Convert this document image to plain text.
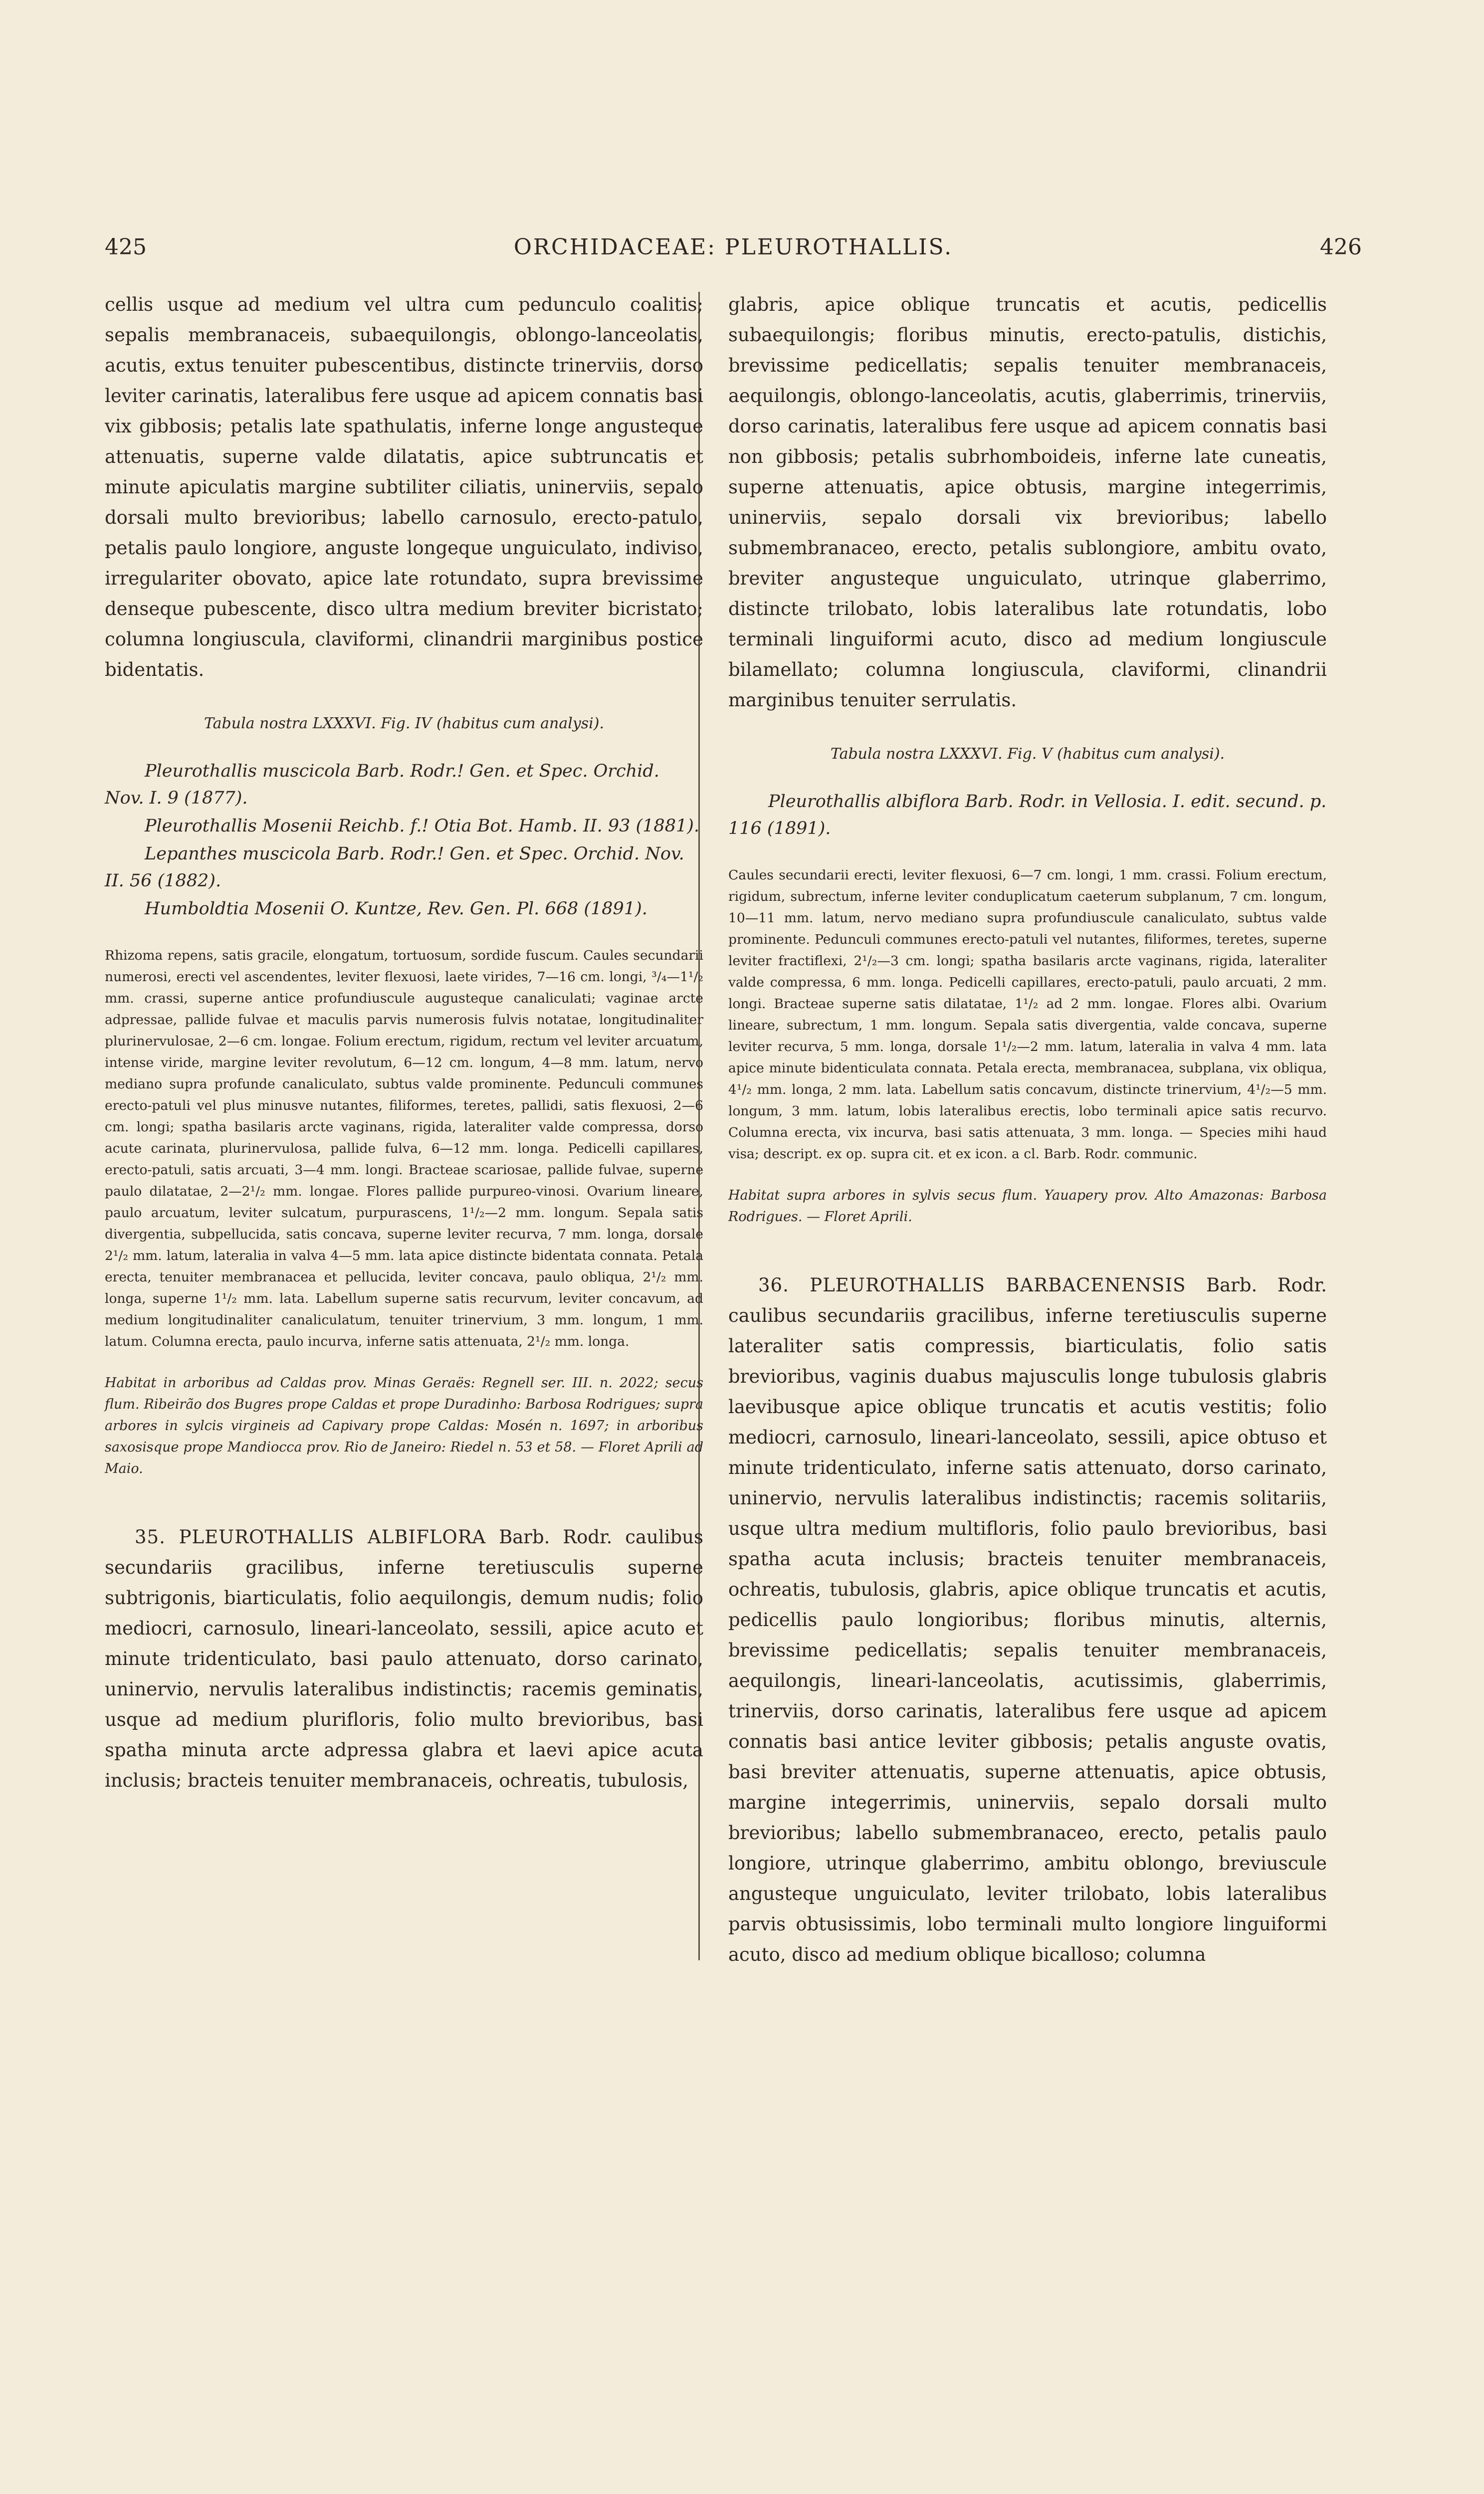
425	ORCHIDACEAE: PLEUROTHALLIS.	426

cellis usque ad medium vel ultra cum pedunculo coalitis; sepalis membranaceis, subaequilongis, oblongo-lanceolatis, acutis, extus tenuiter pubescentibus, distincte trinerviis, dorso leviter carinatis, lateralibus fere usque ad apicem connatis basi vix gibbosis; petalis late spathulatis, inferne longe angusteque attenuatis, superne valde dilatatis, apice subtruncatis et minute apiculatis margine subtiliter ciliatis, uninerviis, sepalo dorsali multo brevioribus; labello carnosulo, erecto-patulo, petalis paulo longiore, anguste longeque unguiculato, indiviso, irregulariter obovato, apice late rotundato, supra brevissime denseque pubescente, disco ultra medium breviter bicristato; columna longiuscula, claviformi, clinandrii marginibus postice bidentatis.

Tabula nostra LXXXVI. Fig. IV (habitus cum analysi).

Pleurothallis muscicola Barb. Rodr.! Gen. et Spec. Orchid. Nov. I. 9 (1877).

Pleurothallis Mosenii Reichb. f.! Otia Bot. Hamb. II. 93 (1881).

Lepanthes muscicola Barb. Rodr.! Gen. et Spec. Orchid. Nov. II. 56 (1882).

Humboldtia Mosenii O. Kuntze, Rev. Gen. Pl. 668 (1891).

Rhizoma repens, satis gracile, elongatum, tortuosum, sordide fuscum. Caules secundarii numerosi, erecti vel ascendentes, leviter flexuosi, laete virides, 7—16 cm. longi, ³/₄—1¹/₂ mm. crassi, superne antice profundiuscule augusteque canaliculati; vaginae arcte adpressae, pallide fulvae et maculis parvis numerosis fulvis notatae, longitudinaliter plurinervulosae, 2—6 cm. longae. Folium erectum, rigidum, rectum vel leviter arcuatum, intense viride, margine leviter revolutum, 6—12 cm. longum, 4—8 mm. latum, nervo mediano supra profunde canaliculato, subtus valde prominente. Pedunculi communes erecto-patuli vel plus minusve nutantes, filiformes, teretes, pallidi, satis flexuosi, 2—6 cm. longi; spatha basilaris arcte vaginans, rigida, lateraliter valde compressa, dorso acute carinata, plurinervulosa, pallide fulva, 6—12 mm. longa. Pedicelli capillares, erecto-patuli, satis arcuati, 3—4 mm. longi. Bracteae scariosae, pallide fulvae, superne paulo dilatatae, 2—2¹/₂ mm. longae. Flores pallide purpureo-vinosi. Ovarium lineare, paulo arcuatum, leviter sulcatum, purpurascens, 1¹/₂—2 mm. longum. Sepala satis divergentia, subpellucida, satis concava, superne leviter recurva, 7 mm. longa, dorsale 2¹/₂ mm. latum, lateralia in valva 4—5 mm. lata apice distincte bidentata connata. Petala erecta, tenuiter membranacea et pellucida, leviter concava, paulo obliqua, 2¹/₂ mm. longa, superne 1¹/₂ mm. lata. Labellum superne satis recurvum, leviter concavum, ad medium longitudinaliter canaliculatum, tenuiter trinervium, 3 mm. longum, 1 mm. latum. Columna erecta, paulo incurva, inferne satis attenuata, 2¹/₂ mm. longa.

Habitat in arboribus ad Caldas prov. Minas Geraës: Regnell ser. III. n. 2022; secus flum. Ribeirão dos Bugres prope Caldas et prope Duradinho: Barbosa Rodrigues; supra arbores in sylcis virgineis ad Capivary prope Caldas: Mosén n. 1697; in arboribus saxosisque prope Mandiocca prov. Rio de Janeiro: Riedel n. 53 et 58. — Floret Aprili ad Maio.

35. PLEUROTHALLIS ALBIFLORA Barb. Rodr. caulibus secundariis gracilibus, inferne teretiusculis superne subtrigonis, biarticulatis, folio aequilongis, demum nudis; folio mediocri, carnosulo, lineari-lanceolato, sessili, apice acuto et minute tridenticulato, basi paulo attenuato, dorso carinato, uninervio, nervulis lateralibus indistinctis; racemis geminatis, usque ad medium plurifloris, folio multo brevioribus, basi spatha minuta arcte adpressa glabra et laevi apice acuta inclusis; bracteis tenuiter membranaceis, ochreatis, tubulosis,

glabris, apice oblique truncatis et acutis, pedicellis subaequilongis; floribus minutis, erecto-patulis, distichis, brevissime pedicellatis; sepalis tenuiter membranaceis, aequilongis, oblongo-lanceolatis, acutis, glaberrimis, trinerviis, dorso carinatis, lateralibus fere usque ad apicem connatis basi non gibbosis; petalis subrhomboideis, inferne late cuneatis, superne attenuatis, apice obtusis, margine integerrimis, uninerviis, sepalo dorsali vix brevioribus; labello submembranaceo, erecto, petalis sublongiore, ambitu ovato, breviter angusteque unguiculato, utrinque glaberrimo, distincte trilobato, lobis lateralibus late rotundatis, lobo terminali linguiformi acuto, disco ad medium longiuscule bilamellato; columna longiuscula, claviformi, clinandrii marginibus tenuiter serrulatis.

Tabula nostra LXXXVI. Fig. V (habitus cum analysi).

Pleurothallis albiflora Barb. Rodr. in Vellosia. I. edit. secund. p. 116 (1891).

Caules secundarii erecti, leviter flexuosi, 6—7 cm. longi, 1 mm. crassi. Folium erectum, rigidum, subrectum, inferne leviter conduplicatum caeterum subplanum, 7 cm. longum, 10—11 mm. latum, nervo mediano supra profundiuscule canaliculato, subtus valde prominente. Pedunculi communes erecto-patuli vel nutantes, filiformes, teretes, superne leviter fractiflexi, 2¹/₂—3 cm. longi; spatha basilaris arcte vaginans, rigida, lateraliter valde compressa, 6 mm. longa. Pedicelli capillares, erecto-patuli, paulo arcuati, 2 mm. longi. Bracteae superne satis dilatatae, 1¹/₂ ad 2 mm. longae. Flores albi. Ovarium lineare, subrectum, 1 mm. longum. Sepala satis divergentia, valde concava, superne leviter recurva, 5 mm. longa, dorsale 1¹/₂—2 mm. latum, lateralia in valva 4 mm. lata apice minute bidenticulata connata. Petala erecta, membranacea, subplana, vix obliqua, 4¹/₂ mm. longa, 2 mm. lata. Labellum satis concavum, distincte trinervium, 4¹/₂—5 mm. longum, 3 mm. latum, lobis lateralibus erectis, lobo terminali apice satis recurvo. Columna erecta, vix incurva, basi satis attenuata, 3 mm. longa. — Species mihi haud visa; descript. ex op. supra cit. et ex icon. a cl. Barb. Rodr. communic.

Habitat supra arbores in sylvis secus flum. Yauapery prov. Alto Amazonas: Barbosa Rodrigues. — Floret Aprili.

36. PLEUROTHALLIS BARBACENENSIS Barb. Rodr. caulibus secundariis gracilibus, inferne teretiusculis superne lateraliter satis compressis, biarticulatis, folio satis brevioribus, vaginis duabus majusculis longe tubulosis glabris laevibusque apice oblique truncatis et acutis vestitis; folio mediocri, carnosulo, lineari-lanceolato, sessili, apice obtuso et minute tridenticulato, inferne satis attenuato, dorso carinato, uninervio, nervulis lateralibus indistinctis; racemis solitariis, usque ultra medium multifloris, folio paulo brevioribus, basi spatha acuta inclusis; bracteis tenuiter membranaceis, ochreatis, tubulosis, glabris, apice oblique truncatis et acutis, pedicellis paulo longioribus; floribus minutis, alternis, brevissime pedicellatis; sepalis tenuiter membranaceis, aequilongis, lineari-lanceolatis, acutissimis, glaberrimis, trinerviis, dorso carinatis, lateralibus fere usque ad apicem connatis basi antice leviter gibbosis; petalis anguste ovatis, basi breviter attenuatis, superne attenuatis, apice obtusis, margine integerrimis, uninerviis, sepalo dorsali multo brevioribus; labello submembranaceo, erecto, petalis paulo longiore, utrinque glaberrimo, ambitu oblongo, breviuscule angusteque unguiculato, leviter trilobato, lobis lateralibus parvis obtusissimis, lobo terminali multo longiore linguiformi acuto, disco ad medium oblique bicalloso; columna
